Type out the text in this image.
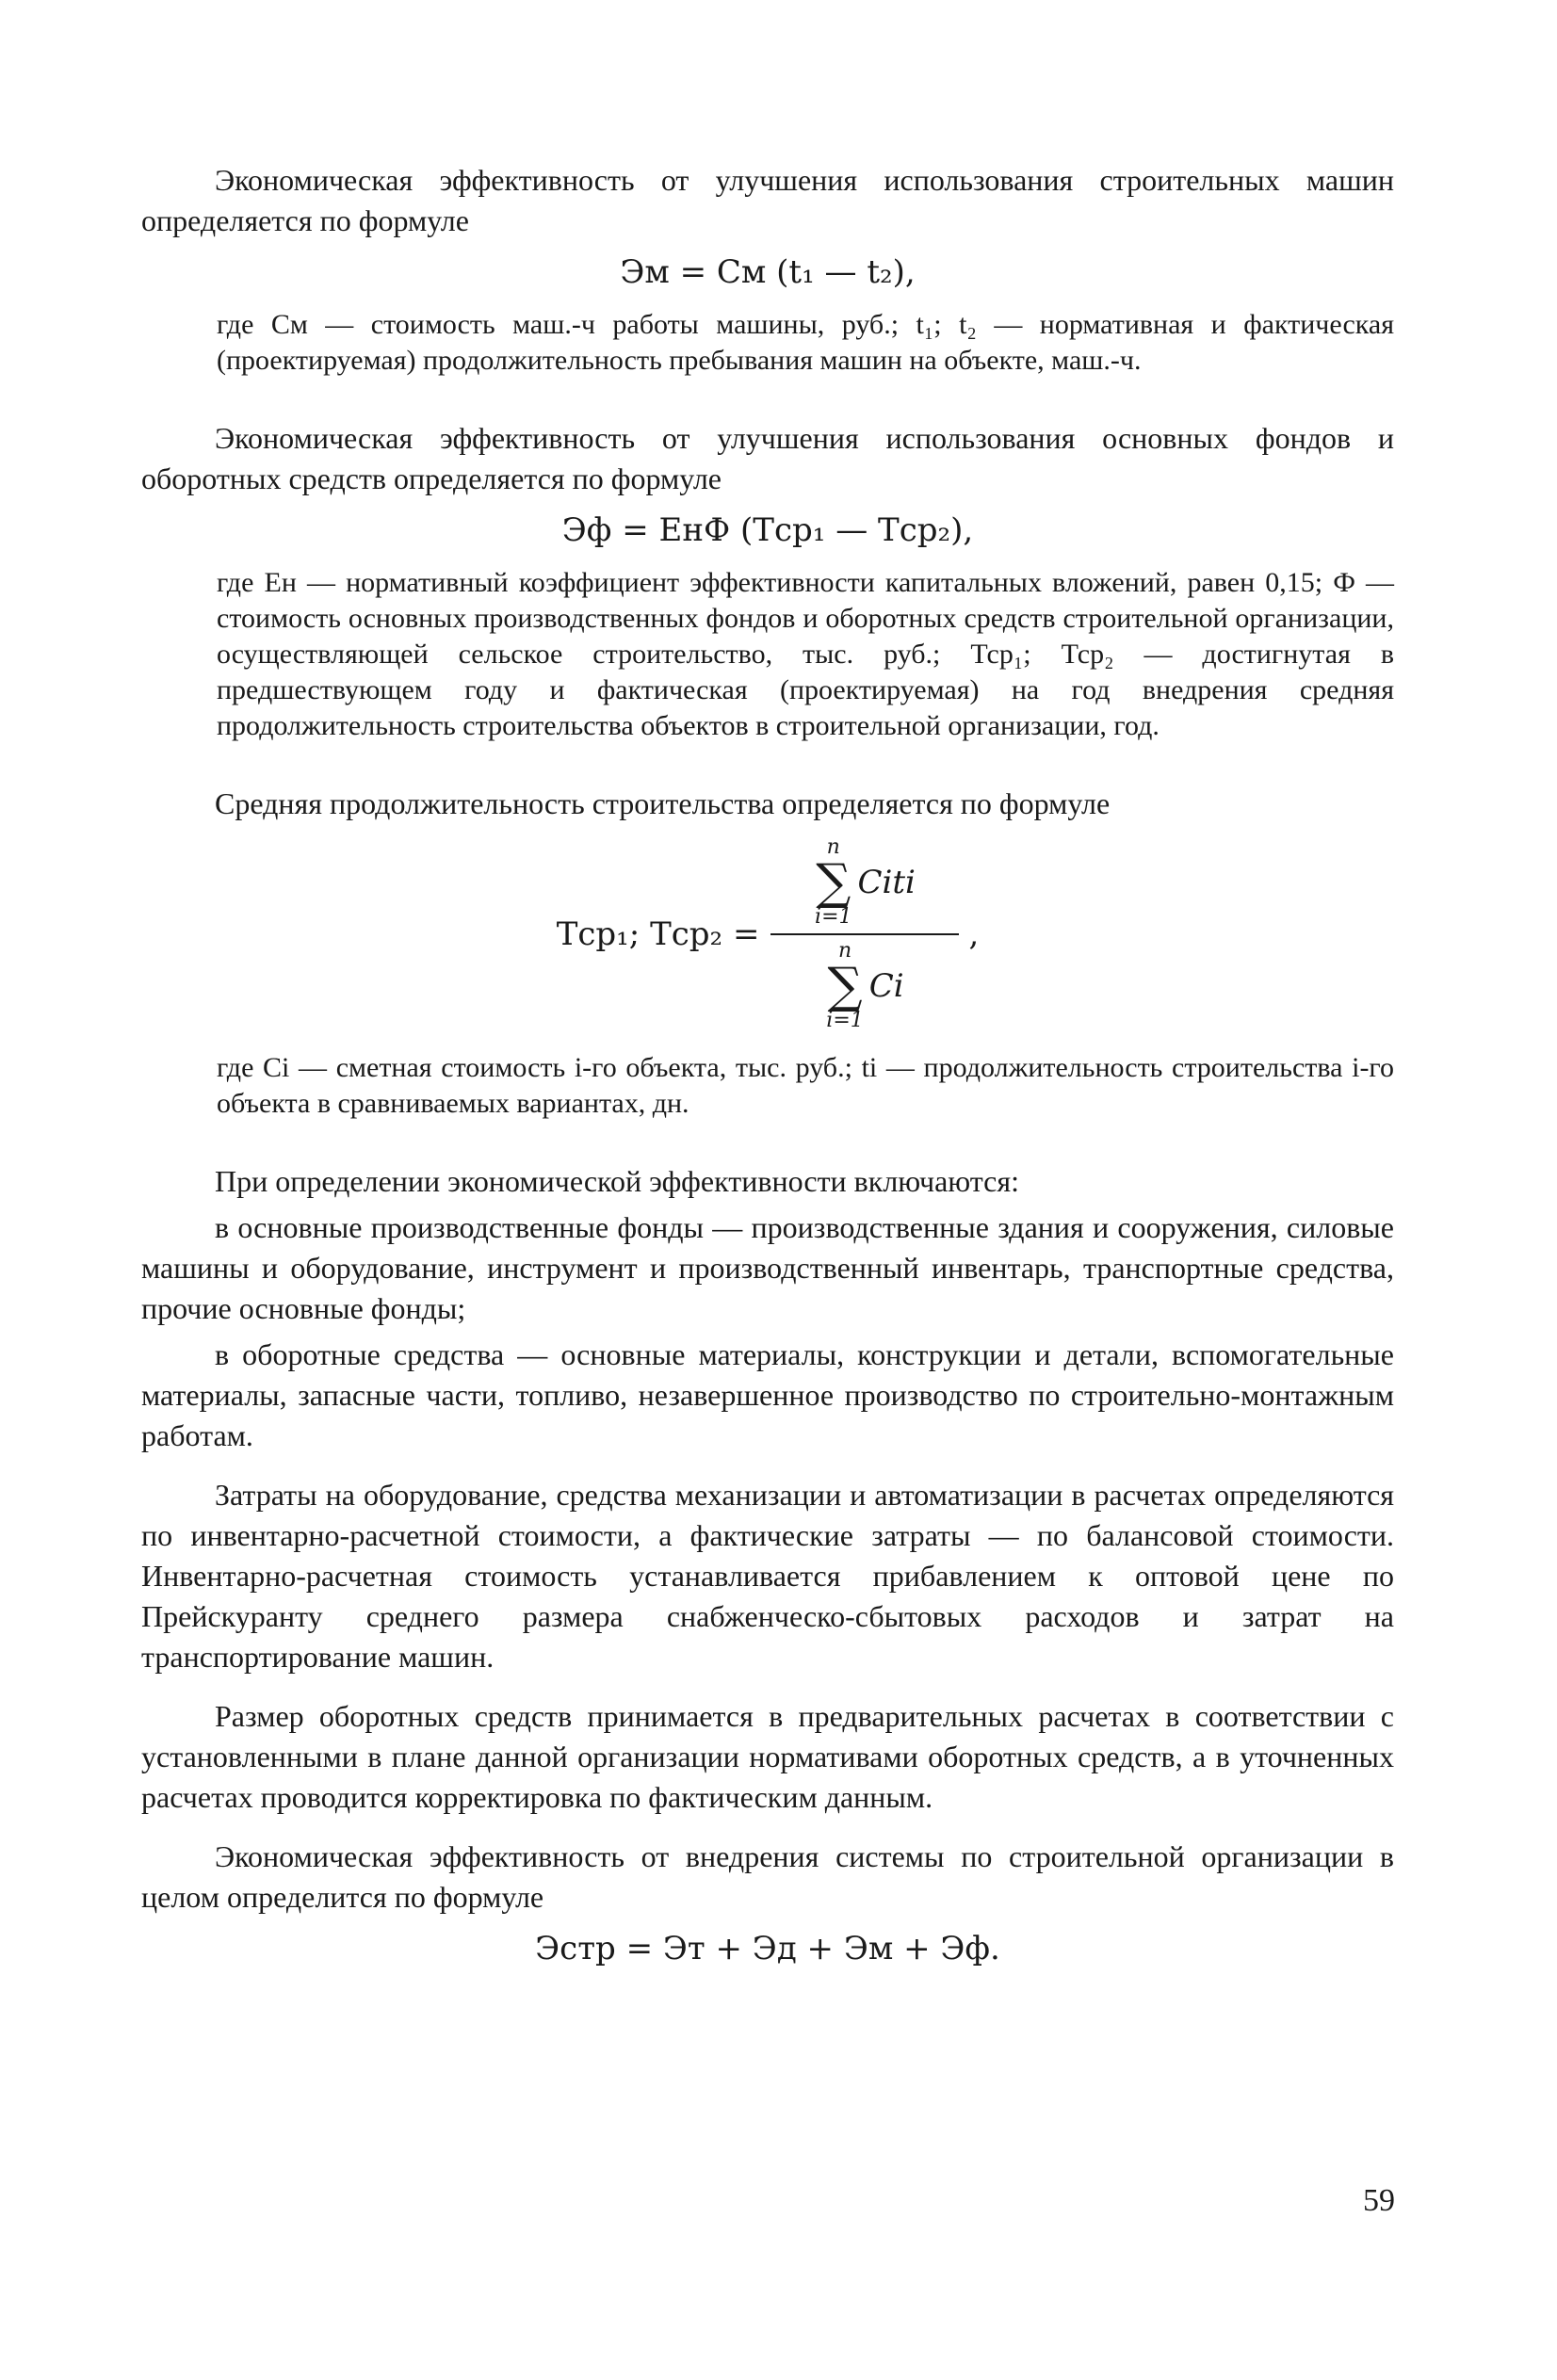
Экономическая эффективность от улучшения использования строительных машин определяется по формуле

Эм = См (t₁ — t₂),

где См — стоимость маш.-ч работы машины, руб.; t₁; t₂ — нормативная и фактическая (проектируемая) продолжительность пребывания машин на объекте, маш.-ч.

Экономическая эффективность от улучшения использования основных фондов и оборотных средств определяется по формуле

Эф = ЕнФ (Тср₁ — Тср₂),

где Ен — нормативный коэффициент эффективности капитальных вложений, равен 0,15; Ф — стоимость основных производственных фондов и оборотных средств строительной организации, осуществляющей сельское строительство, тыс. руб.; Тср₁; Тср₂ — достигнутая в предшествующем году и фактическая (проектируемая) на год внедрения средняя продолжительность строительства объектов в строительной организации, год.

Средняя продолжительность строительства определяется по формуле

Тср₁; Тср₂ = n
∑
i=1
Citi
n
∑
i=1
Ci ,

где Ci — сметная стоимость i-го объекта, тыс. руб.; ti — продолжительность строительства i-го объекта в сравниваемых вариантах, дн.

При определении экономической эффективности включаются:

в основные производственные фонды — производственные здания и сооружения, силовые машины и оборудование, инструмент и производственный инвентарь, транспортные средства, прочие основные фонды;

в оборотные средства — основные материалы, конструкции и детали, вспомогательные материалы, запасные части, топливо, незавершенное производство по строительно-монтажным работам.

Затраты на оборудование, средства механизации и автоматизации в расчетах определяются по инвентарно-расчетной стоимости, а фактические затраты — по балансовой стоимости. Инвентарно-расчетная стоимость устанавливается прибавлением к оптовой цене по Прейскуранту среднего размера снабженческо-сбытовых расходов и затрат на транспортирование машин.

Размер оборотных средств принимается в предварительных расчетах в соответствии с установленными в плане данной организации нормативами оборотных средств, а в уточненных расчетах проводится корректировка по фактическим данным.

Экономическая эффективность от внедрения системы по строительной организации в целом определится по формуле

Эстр = Эт + Эд + Эм + Эф.
59
